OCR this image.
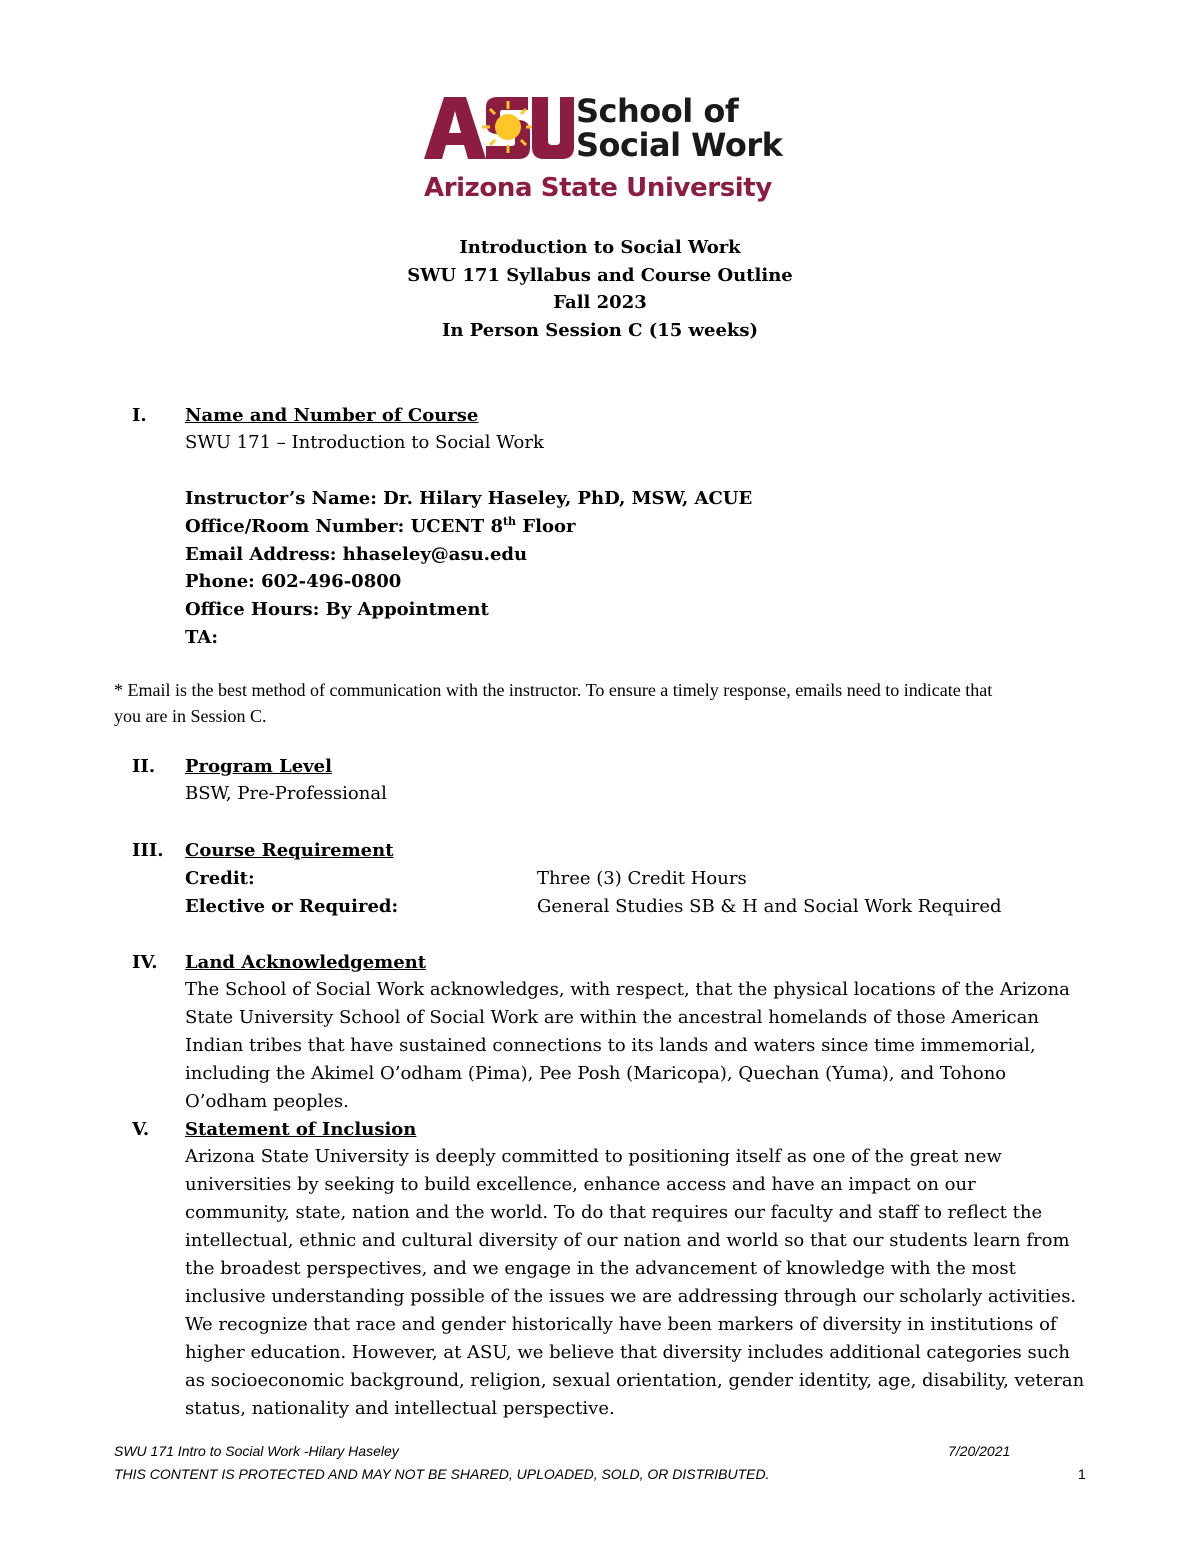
School of
Social Work
Arizona State University
Introduction to Social Work
SWU 171 Syllabus and Course Outline
Fall 2023
In Person Session C (15 weeks)
I.	Name and Number of Course
SWU 171 – Introduction to Social Work
Instructor’s Name: Dr. Hilary Haseley, PhD, MSW, ACUE
Office/Room Number: UCENT 8th Floor
Email Address: hhaseley@asu.edu
Phone: 602-496-0800
Office Hours: By Appointment
TA:
* Email is the best method of communication with the instructor. To ensure a timely response, emails need to indicate that
you are in Session C.
II.	Program Level
BSW, Pre-Professional
III.	Course Requirement
Credit:	Three (3) Credit Hours
Elective or Required:	General Studies SB & H and Social Work Required
IV.	Land Acknowledgement
The School of Social Work acknowledges, with respect, that the physical locations of the Arizona State University School of Social Work are within the ancestral homelands of those American Indian tribes that have sustained connections to its lands and waters since time immemorial, including the Akimel O’odham (Pima), Pee Posh (Maricopa), Quechan (Yuma), and Tohono O’odham peoples.
V.	Statement of Inclusion
Arizona State University is deeply committed to positioning itself as one of the great new universities by seeking to build excellence, enhance access and have an impact on our community, state, nation and the world. To do that requires our faculty and staff to reflect the intellectual, ethnic and cultural diversity of our nation and world so that our students learn from the broadest perspectives, and we engage in the advancement of knowledge with the most inclusive understanding possible of the issues we are addressing through our scholarly activities. We recognize that race and gender historically have been markers of diversity in institutions of higher education. However, at ASU, we believe that diversity includes additional categories such as socioeconomic background, religion, sexual orientation, gender identity, age, disability, veteran status, nationality and intellectual perspective.
SWU 171 Intro to Social Work -Hilary Haseley	7/20/2021
THIS CONTENT IS PROTECTED AND MAY NOT BE SHARED, UPLOADED, SOLD, OR DISTRIBUTED.	1
